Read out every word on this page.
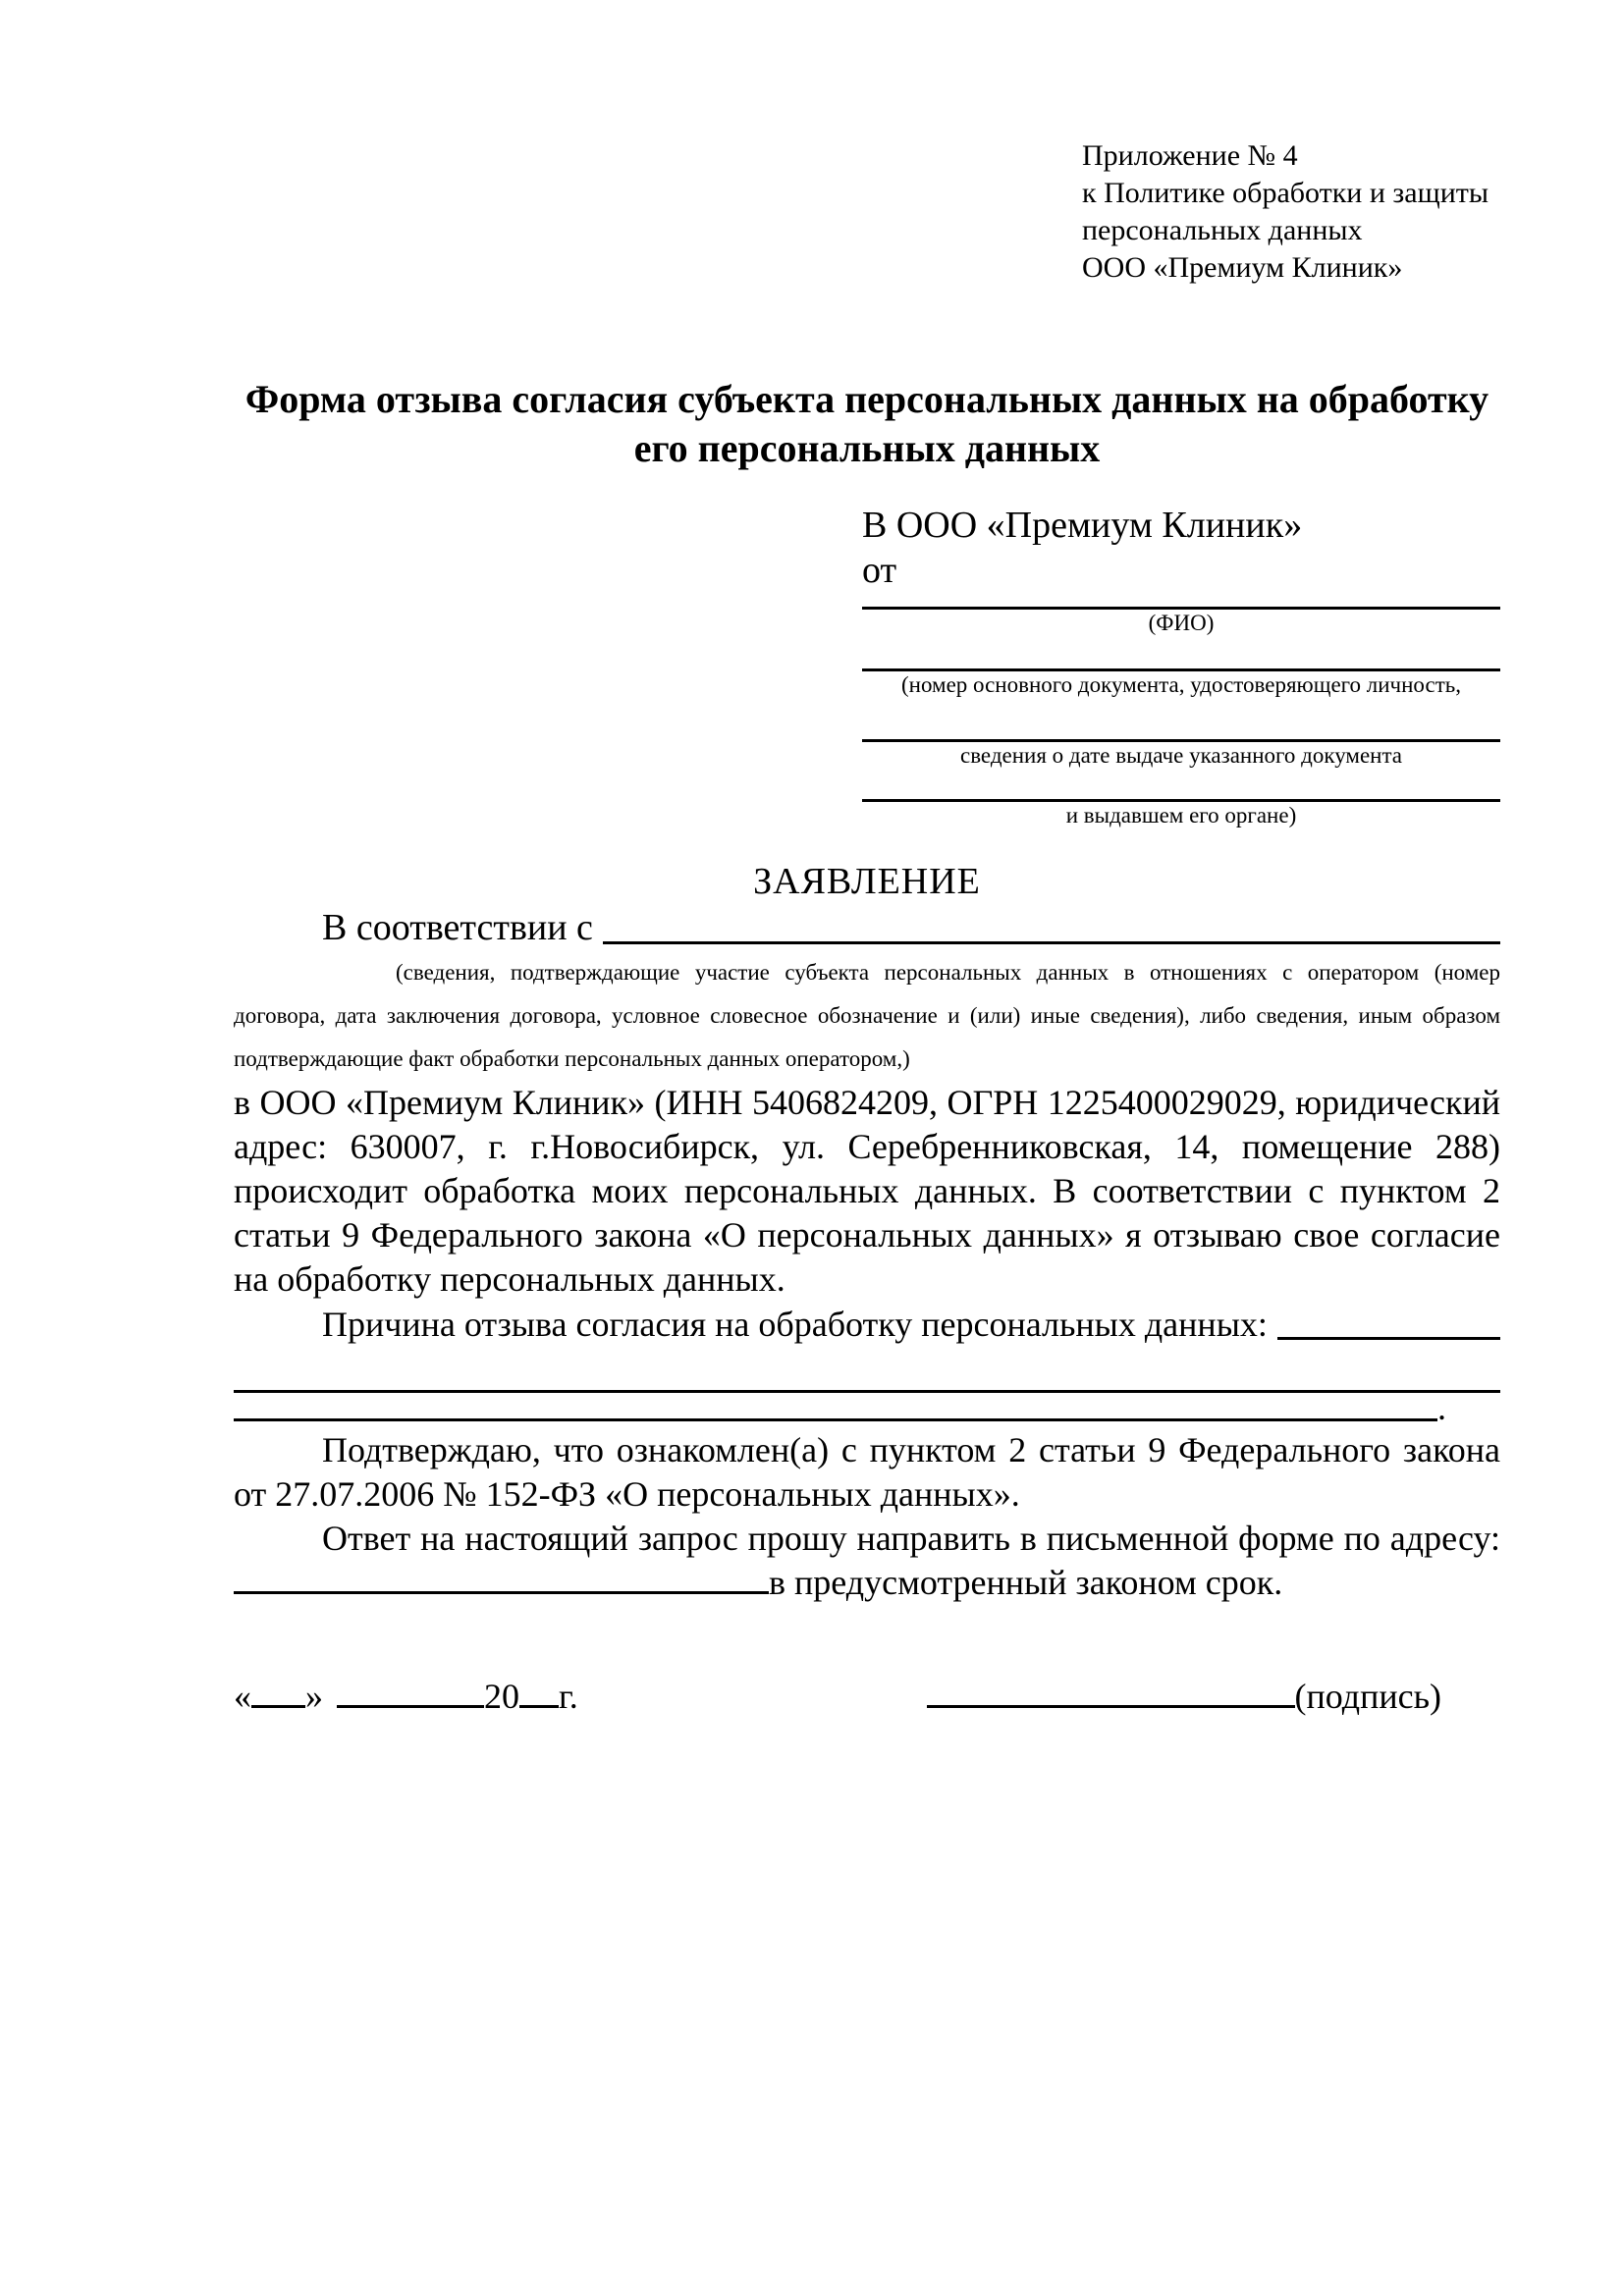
Приложение № 4
к Политике обработки и защиты
персональных данных
ООО «Премиум Клиник»
Форма отзыва согласия субъекта персональных данных на обработку его персональных данных
В ООО «Премиум Клиник»
от
(ФИО)
(номер основного документа, удостоверяющего личность,
сведения о дате выдаче указанного документа
и выдавшем его органе)
ЗАЯВЛЕНИЕ
В соответствии с
(сведения, подтверждающие участие субъекта персональных данных в отношениях с оператором (номер договора, дата заключения договора, условное словесное обозначение и (или) иные сведения), либо сведения, иным образом подтверждающие факт обработки персональных данных оператором,)
в ООО «Премиум Клиник» (ИНН 5406824209, ОГРН 1225400029029, юридический адрес: 630007, г. г.Новосибирск, ул. Серебренниковская, 14, помещение 288) происходит обработка моих персональных данных. В соответствии с пунктом 2 статьи 9 Федерального закона «О персональных данных» я отзываю свое согласие на обработку персональных данных.
Причина отзыва согласия на обработку персональных данных:
.
Подтверждаю, что ознакомлен(а) с пунктом 2 статьи 9 Федерального закона от 27.07.2006 № 152-ФЗ «О персональных данных».
Ответ на настоящий запрос прошу направить в письменной форме по адресу: в предусмотренный законом срок.
« »	20 г.	(подпись)
